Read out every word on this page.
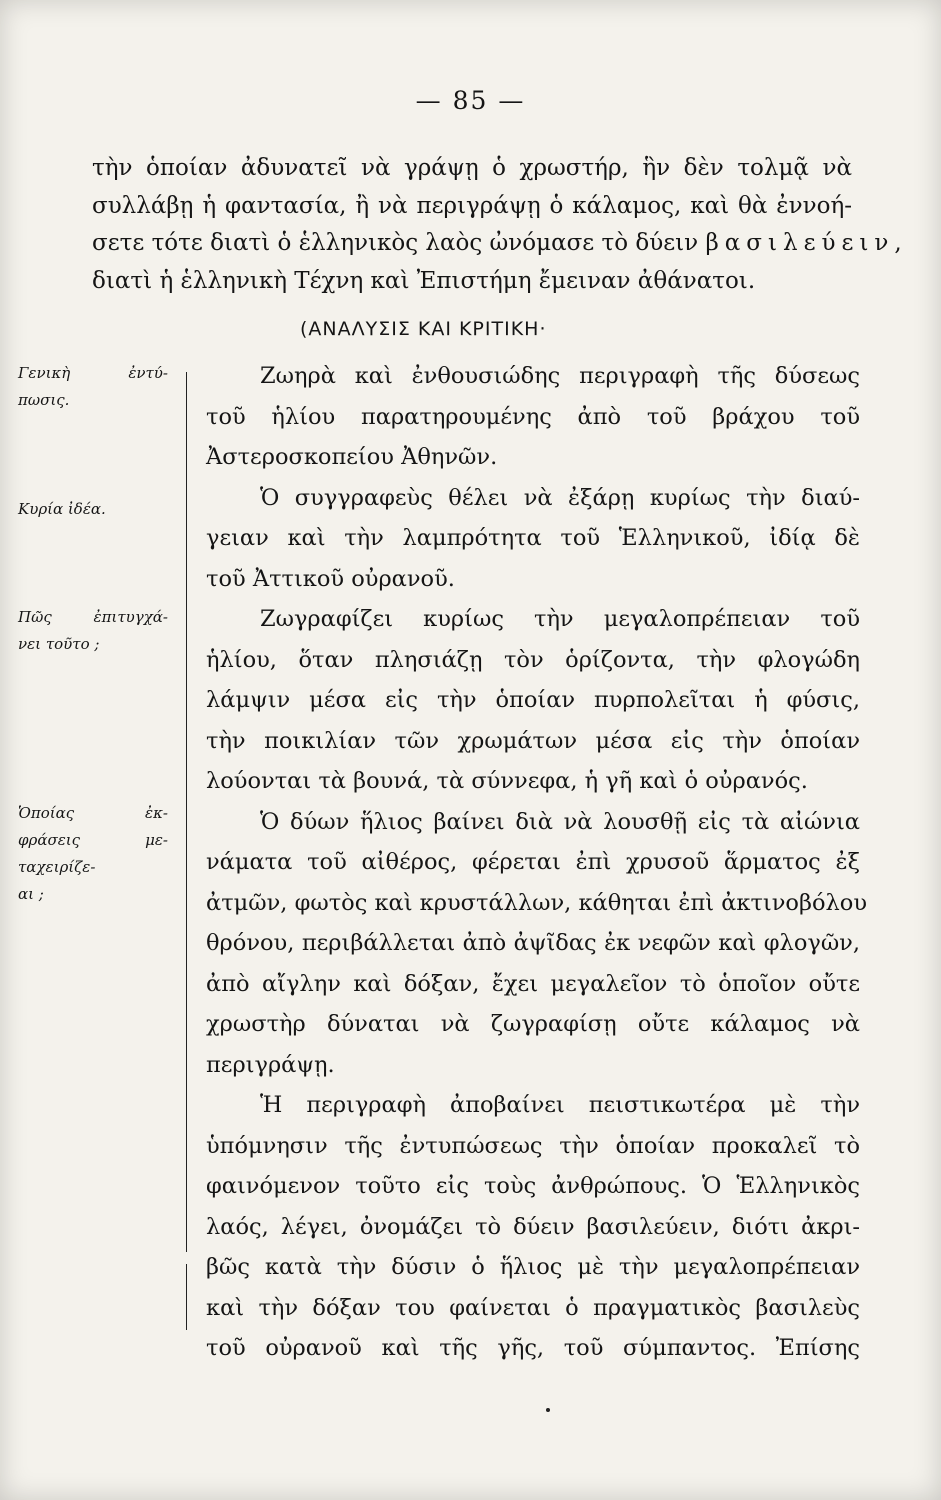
— 85 —
τὴν ὁποίαν ἀδυνατεῖ νὰ γράψῃ ὁ χρωστήρ, ἣν δὲν τολμᾷ νὰ
συλλάβῃ ἡ φαντασία, ἢ νὰ περιγράψῃ ὁ κάλαμος, καὶ θὰ ἐννοή-
σετε τότε διατὶ ὁ ἑλληνικὸς λαὸς ὠνόμασε τὸ δύειν βασιλεύειν,
διατὶ ἡ ἑλληνικὴ Τέχνη καὶ Ἐπιστήμη ἔμειναν ἀθάνατοι.
(ΑΝΑΛΥΣΙΣ ΚΑΙ ΚΡΙΤΙΚΗ·
Γενικὴ ἐντύ-
πωσις.
Κυρία ἰδέα.
Πῶς ἐπιτυγχά-
νει τοῦτο ;
Ὁποίας ἐκ-
φράσεις με-
ταχειρίζε-
αι ;
Ζωηρὰ καὶ ἐνθουσιώδης περιγραφὴ τῆς δύσεως
τοῦ ἡλίου παρατηρουμένης ἀπὸ τοῦ βράχου τοῦ
Ἀστεροσκοπείου Ἀθηνῶν.
Ὁ συγγραφεὺς θέλει νὰ ἐξάρῃ κυρίως τὴν διαύ-
γειαν καὶ τὴν λαμπρότητα τοῦ Ἑλληνικοῦ, ἰδίᾳ δὲ
τοῦ Ἀττικοῦ οὐρανοῦ.
Ζωγραφίζει κυρίως τὴν μεγαλοπρέπειαν τοῦ
ἡλίου, ὅταν πλησιάζῃ τὸν ὁρίζοντα, τὴν φλογώδη
λάμψιν μέσα εἰς τὴν ὁποίαν πυρπολεῖται ἡ φύσις,
τὴν ποικιλίαν τῶν χρωμάτων μέσα εἰς τὴν ὁποίαν
λούονται τὰ βουνά, τὰ σύννεφα, ἡ γῆ καὶ ὁ οὐρανός.
Ὁ δύων ἥλιος βαίνει διὰ νὰ λουσθῇ εἰς τὰ αἰώνια
νάματα τοῦ αἰθέρος, φέρεται ἐπὶ χρυσοῦ ἅρματος ἐξ
ἀτμῶν, φωτὸς καὶ κρυστάλλων, κάθηται ἐπὶ ἀκτινοβόλου
θρόνου, περιβάλλεται ἀπὸ ἀψῖδας ἐκ νεφῶν καὶ φλογῶν,
ἀπὸ αἴγλην καὶ δόξαν, ἔχει μεγαλεῖον τὸ ὁποῖον οὔτε
χρωστὴρ δύναται νὰ ζωγραφίσῃ οὔτε κάλαμος νὰ
περιγράψῃ.
Ἡ περιγραφὴ ἀποβαίνει πειστικωτέρα μὲ τὴν
ὑπόμνησιν τῆς ἐντυπώσεως τὴν ὁποίαν προκαλεῖ τὸ
φαινόμενον τοῦτο εἰς τοὺς ἀνθρώπους. Ὁ Ἑλληνικὸς
λαός, λέγει, ὀνομάζει τὸ δύειν βασιλεύειν, διότι ἀκρι-
βῶς κατὰ τὴν δύσιν ὁ ἥλιος μὲ τὴν μεγαλοπρέπειαν
καὶ τὴν δόξαν του φαίνεται ὁ πραγματικὸς βασιλεὺς
τοῦ οὐρανοῦ καὶ τῆς γῆς, τοῦ σύμπαντος. Ἐπίσης
